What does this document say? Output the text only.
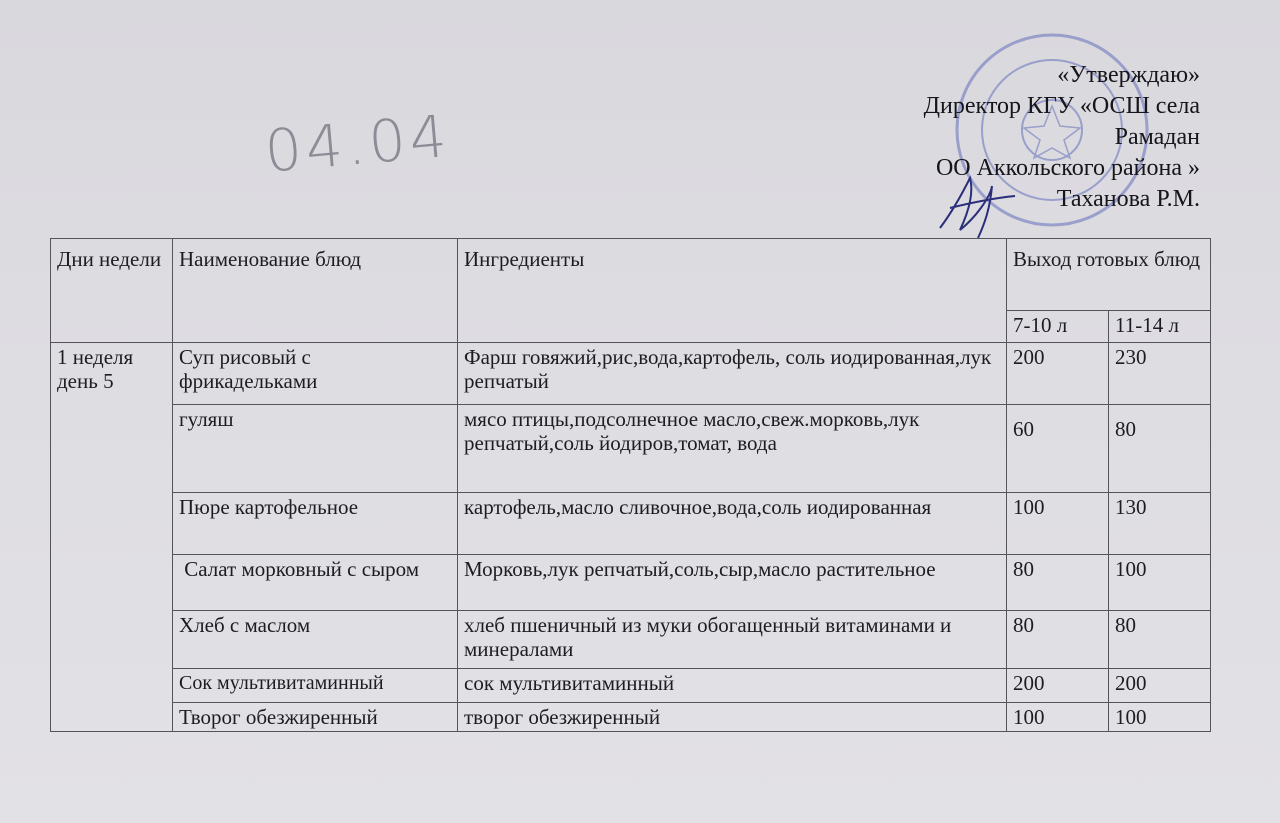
04.04
«Утверждаю»
Директор КГУ «ОСШ села
Рамадан
ОО Аккольского района »
Таханова Р.М.
Дни недели	Наименование блюд	Ингредиенты	Выход готовых блюд	
			7-10 л	11-14 л
1 неделя день 5	Суп рисовый с фрикадельками	Фарш говяжий,рис,вода,картофель, соль иодированная,лук репчатый	200	230
	гуляш	мясо птицы,подсолнечное масло,свеж.морковь,лук репчатый,соль йодиров,томат, вода	60	80
	Пюре картофельное	картофель,масло сливочное,вода,соль иодированная	100	130
	Салат морковный с сыром	Морковь,лук репчатый,соль,сыр,масло растительное	80	100
	Хлеб с маслом	хлеб пшеничный из муки обогащенный витаминами и минералами	80	80
	Сок мультивитаминный	сок мультивитаминный	200	200
	Творог обезжиренный	творог обезжиренный	100	100
